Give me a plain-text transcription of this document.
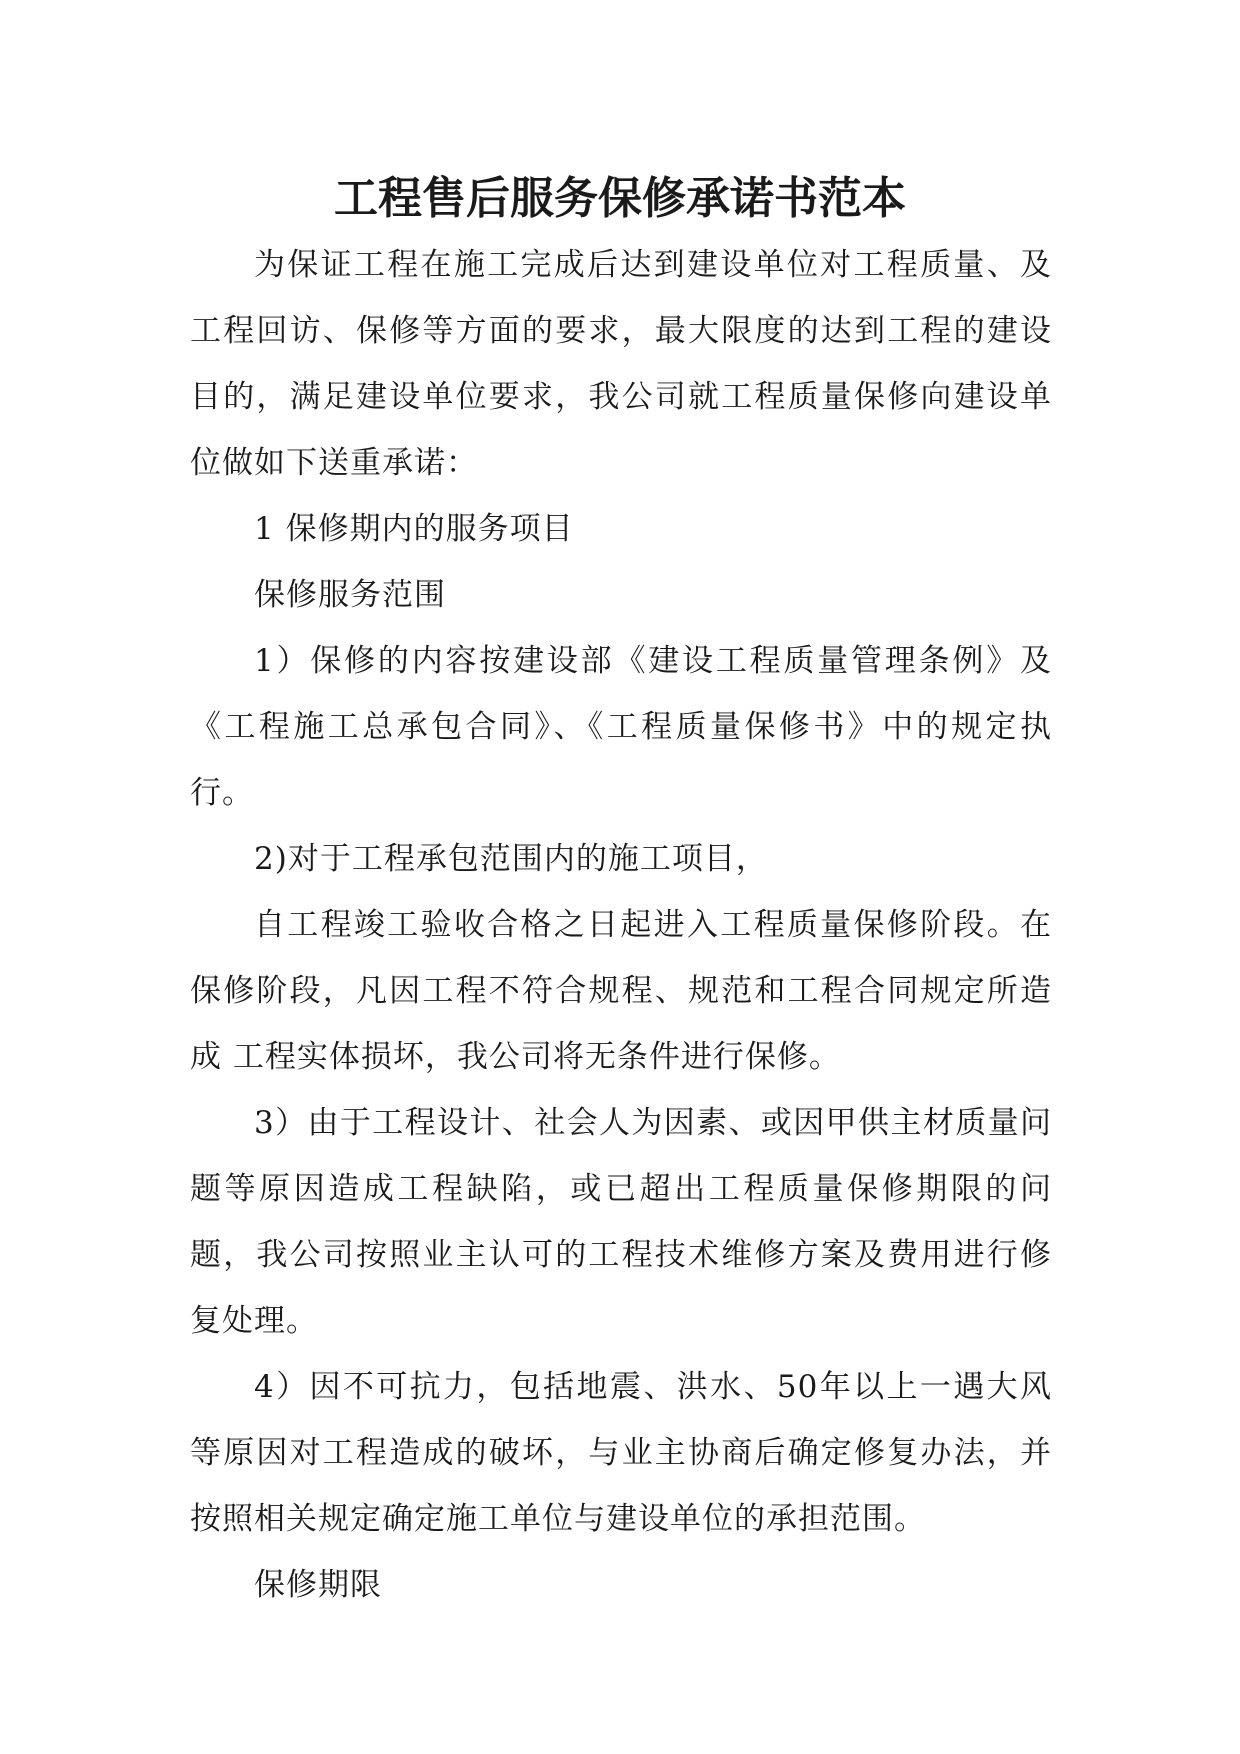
工程售后服务保修承诺书范本

为保证工程在施工完成后达到建设单位对工程质量、及工程回访、保修等方面的要求，最大限度的达到工程的建设目的，满足建设单位要求，我公司就工程质量保修向建设单位做如下送重承诺：

1 保修期内的服务项目

保修服务范围

1）保修的内容按建设部《建设工程质量管理条例》及《工程施工总承包合同》、《工程质量保修书》中的规定执行。

2)对于工程承包范围内的施工项目，

自工程竣工验收合格之日起进入工程质量保修阶段。在保修阶段，凡因工程不符合规程、规范和工程合同规定所造成 工程实体损坏，我公司将无条件进行保修。

3）由于工程设计、社会人为因素、或因甲供主材质量问题等原因造成工程缺陷，或已超出工程质量保修期限的问题，我公司按照业主认可的工程技术维修方案及费用进行修复处理。

4）因不可抗力，包括地震、洪水、50年以上一遇大风等原因对工程造成的破坏，与业主协商后确定修复办法，并按照相关规定确定施工单位与建设单位的承担范围。

保修期限
